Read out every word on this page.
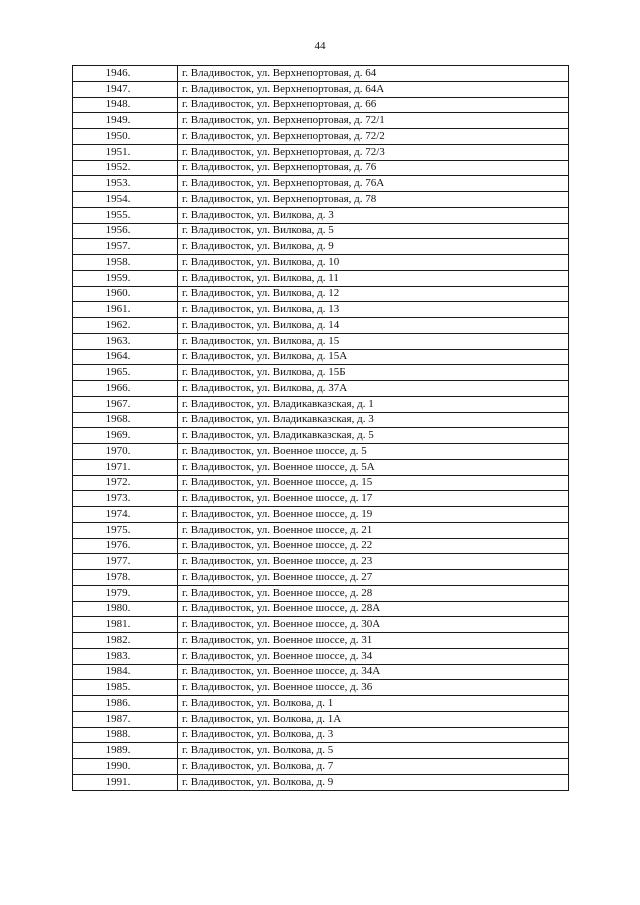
44
1946.	г. Владивосток, ул. Верхнепортовая, д. 64
1947.	г. Владивосток, ул. Верхнепортовая, д. 64А
1948.	г. Владивосток, ул. Верхнепортовая, д. 66
1949.	г. Владивосток, ул. Верхнепортовая, д. 72/1
1950.	г. Владивосток, ул. Верхнепортовая, д. 72/2
1951.	г. Владивосток, ул. Верхнепортовая, д. 72/3
1952.	г. Владивосток, ул. Верхнепортовая, д. 76
1953.	г. Владивосток, ул. Верхнепортовая, д. 76А
1954.	г. Владивосток, ул. Верхнепортовая, д. 78
1955.	г. Владивосток, ул. Вилкова, д. 3
1956.	г. Владивосток, ул. Вилкова, д. 5
1957.	г. Владивосток, ул. Вилкова, д. 9
1958.	г. Владивосток, ул. Вилкова, д. 10
1959.	г. Владивосток, ул. Вилкова, д. 11
1960.	г. Владивосток, ул. Вилкова, д. 12
1961.	г. Владивосток, ул. Вилкова, д. 13
1962.	г. Владивосток, ул. Вилкова, д. 14
1963.	г. Владивосток, ул. Вилкова, д. 15
1964.	г. Владивосток, ул. Вилкова, д. 15А
1965.	г. Владивосток, ул. Вилкова, д. 15Б
1966.	г. Владивосток, ул. Вилкова, д. 37А
1967.	г. Владивосток, ул. Владикавказская, д. 1
1968.	г. Владивосток, ул. Владикавказская, д. 3
1969.	г. Владивосток, ул. Владикавказская, д. 5
1970.	г. Владивосток, ул. Военное шоссе, д. 5
1971.	г. Владивосток, ул. Военное шоссе, д. 5А
1972.	г. Владивосток, ул. Военное шоссе, д. 15
1973.	г. Владивосток, ул. Военное шоссе, д. 17
1974.	г. Владивосток, ул. Военное шоссе, д. 19
1975.	г. Владивосток, ул. Военное шоссе, д. 21
1976.	г. Владивосток, ул. Военное шоссе, д. 22
1977.	г. Владивосток, ул. Военное шоссе, д. 23
1978.	г. Владивосток, ул. Военное шоссе, д. 27
1979.	г. Владивосток, ул. Военное шоссе, д. 28
1980.	г. Владивосток, ул. Военное шоссе, д. 28А
1981.	г. Владивосток, ул. Военное шоссе, д. 30А
1982.	г. Владивосток, ул. Военное шоссе, д. 31
1983.	г. Владивосток, ул. Военное шоссе, д. 34
1984.	г. Владивосток, ул. Военное шоссе, д. 34А
1985.	г. Владивосток, ул. Военное шоссе, д. 36
1986.	г. Владивосток, ул. Волкова, д. 1
1987.	г. Владивосток, ул. Волкова, д. 1А
1988.	г. Владивосток, ул. Волкова, д. 3
1989.	г. Владивосток, ул. Волкова, д. 5
1990.	г. Владивосток, ул. Волкова, д. 7
1991.	г. Владивосток, ул. Волкова, д. 9
